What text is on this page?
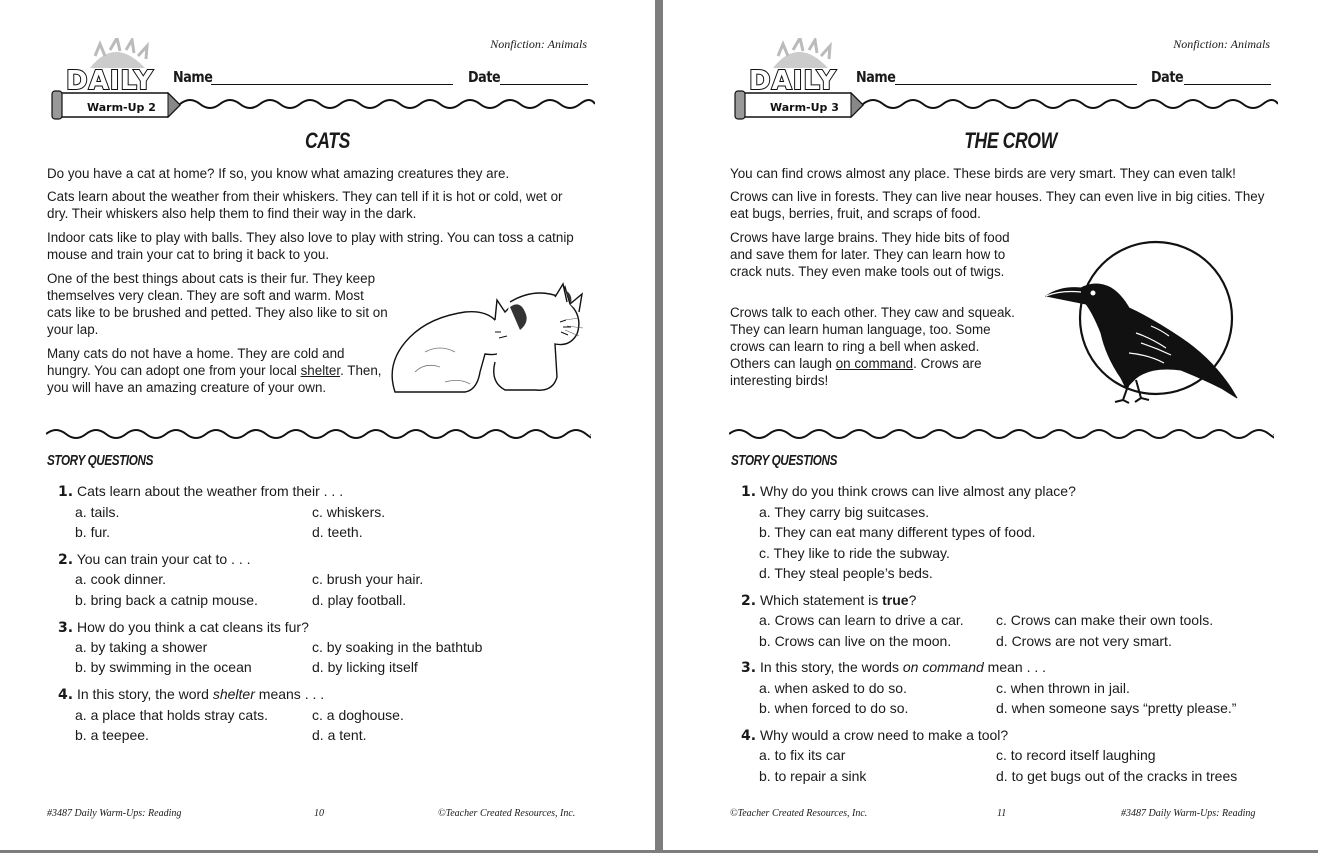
Nonfiction: Animals
DAILY
Warm-Up 2
Name	Date
CATS

Do you have a cat at home? If so, you know what amazing creatures they are.

Cats learn about the weather from their whiskers. They can tell if it is hot or cold, wet or dry. Their whiskers also help them to find their way in the dark.

Indoor cats like to play with balls. They also love to play with string. You can toss a catnip mouse and train your cat to bring it back to you.

One of the best things about cats is their fur. They keep themselves very clean. They are soft and warm. Most cats like to be brushed and petted. They also like to sit on your lap.

Many cats do not have a home. They are cold and hungry. You can adopt one from your local shelter. Then, you will have an amazing creature of your own.

STORY QUESTIONS
1. Cats learn about the weather from their . . .
a. tails.
b. fur.
c. whiskers.
d. teeth.
2. You can train your cat to . . .
a. cook dinner.
b. bring back a catnip mouse.
c. brush your hair.
d. play football.
3. How do you think a cat cleans its fur?
a. by taking a shower
b. by swimming in the ocean
c. by soaking in the bathtub
d. by licking itself
4. In this story, the word shelter means . . .
a. a place that holds stray cats.
b. a teepee.
c. a doghouse.
d. a tent.
#3487 Daily Warm-Ups: Reading	10	©Teacher Created Resources, Inc.
Nonfiction: Animals
DAILY
Warm-Up 3
Name	Date
THE CROW

You can find crows almost any place. These birds are very smart. They can even talk!

Crows can live in forests. They can live near houses. They can even live in big cities. They eat bugs, berries, fruit, and scraps of food.

Crows have large brains. They hide bits of food and save them for later. They can learn how to crack nuts. They even make tools out of twigs.

Crows talk to each other. They caw and squeak. They can learn human language, too. Some crows can learn to ring a bell when asked. Others can laugh on command. Crows are interesting birds!

STORY QUESTIONS
1. Why do you think crows can live almost any place?
a. They carry big suitcases.
b. They can eat many different types of food.
c. They like to ride the subway.
d. They steal people’s beds.
2. Which statement is true?
a. Crows can learn to drive a car.
b. Crows can live on the moon.
c. Crows can make their own tools.
d. Crows are not very smart.
3. In this story, the words on command mean . . .
a. when asked to do so.
b. when forced to do so.
c. when thrown in jail.
d. when someone says “pretty please.”
4. Why would a crow need to make a tool?
a. to fix its car
b. to repair a sink
c. to record itself laughing
d. to get bugs out of the cracks in trees
©Teacher Created Resources, Inc.	11	#3487 Daily Warm-Ups: Reading
